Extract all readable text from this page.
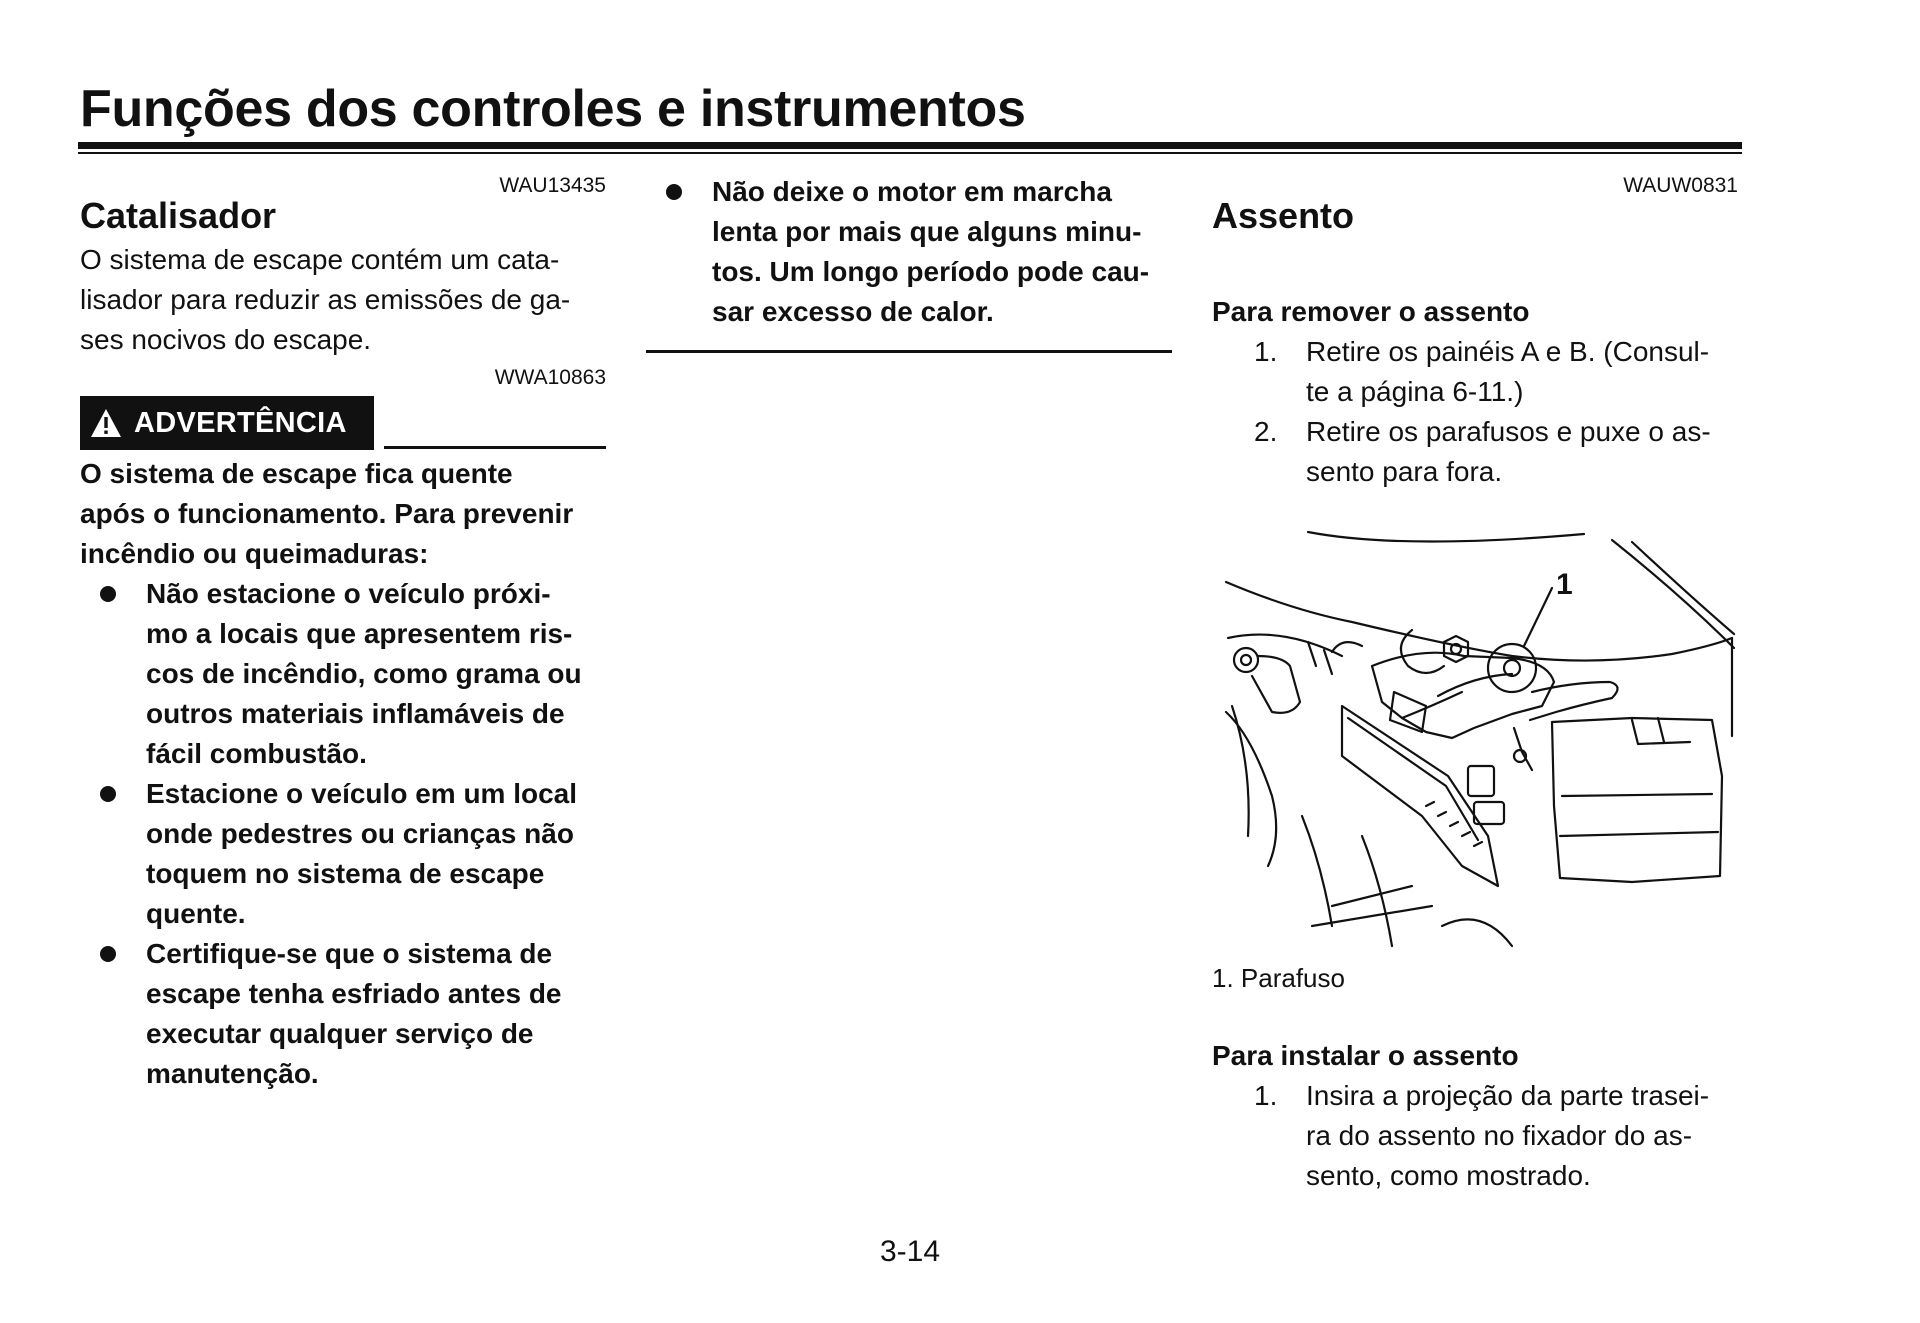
Funções dos controles e instrumentos
WAU13435
Catalisador

O sistema de escape contém um cata-

lisador para reduzir as emissões de ga-

ses nocivos do escape.

WWA10863
ADVERTÊNCIA

O sistema de escape fica quente

após o funcionamento. Para prevenir

incêndio ou queimaduras:

Não estacione o veículo próxi-

mo a locais que apresentem ris-

cos de incêndio, como grama ou

outros materiais inflamáveis de

fácil combustão.

Estacione o veículo em um local

onde pedestres ou crianças não

toquem no sistema de escape

quente.

Certifique-se que o sistema de

escape tenha esfriado antes de

executar qualquer serviço de

manutenção.

Não deixe o motor em marcha

lenta por mais que alguns minu-

tos. Um longo período pode cau-

sar excesso de calor.

WAUW0831
Assento

Para remover o assento

1. Retire os painéis A e B. (Consul-
te a página 6-11.)
2. Retire os parafusos e puxe o as-
sento para fora.
1

1. Parafuso

Para instalar o assento

1. Insira a projeção da parte trasei-
ra do assento no fixador do as-
sento, como mostrado.
3-14
